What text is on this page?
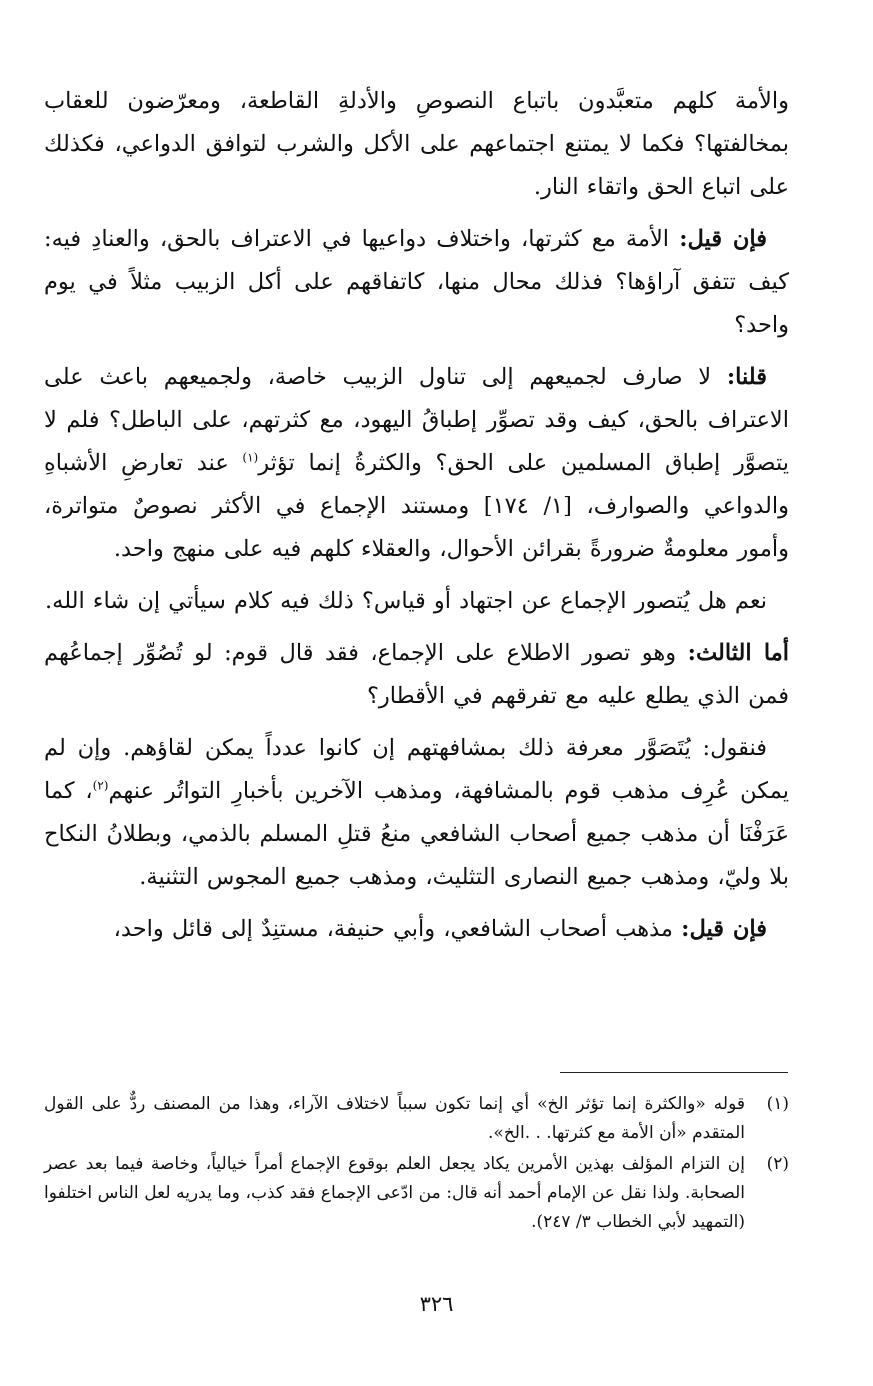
والأمة كلهم متعبَّدون باتباع النصوصِ والأدلةِ القاطعة، ومعرّضون للعقاب بمخالفتها؟ فكما لا يمتنع اجتماعهم على الأكل والشرب لتوافق الدواعي، فكذلك على اتباع الحق واتقاء النار.

فإن قيل: الأمة مع كثرتها، واختلاف دواعيها في الاعتراف بالحق، والعنادِ فيه: كيف تتفق آراؤها؟ فذلك محال منها، كاتفاقهم على أكل الزبيب مثلاً في يوم واحد؟

قلنا: لا صارف لجميعهم إلى تناول الزبيب خاصة، ولجميعهم باعث على الاعتراف بالحق، كيف وقد تصوِّر إطباقُ اليهود، مع كثرتهم، على الباطل؟ فلم لا يتصوَّر إطباق المسلمين على الحق؟ والكثرةُ إنما تؤثر$^{(١)}$ عند تعارضِ الأشباهِ والدواعي والصوارف، [١/ ١٧٤] ومستند الإجماع في الأكثر نصوصٌ متواترة، وأمور معلومةٌ ضرورةً بقرائن الأحوال، والعقلاء كلهم فيه على منهج واحد.

نعم هل يُتصور الإجماع عن اجتهاد أو قياس؟ ذلك فيه كلام سيأتي إن شاء الله.

أما الثالث: وهو تصور الاطلاع على الإجماع، فقد قال قوم: لو تُصُوِّر إجماعُهم فمن الذي يطلع عليه مع تفرقهم في الأقطار؟

فنقول: يُتَصَوَّر معرفة ذلك بمشافهتهم إن كانوا عدداً يمكن لقاؤهم. وإن لم يمكن عُرِف مذهب قوم بالمشافهة، ومذهب الآخرين بأخبارِ التواتُر عنهم$^{(٢)}$، كما عَرَفْنَا أن مذهب جميع أصحاب الشافعي منعُ قتلِ المسلم بالذمي، وبطلانُ النكاح بلا وليّ، ومذهب جميع النصارى التثليث، ومذهب جميع المجوس التثنية.

فإن قيل: مذهب أصحاب الشافعي، وأبي حنيفة، مستنِدٌ إلى قائل واحد،

(١)
قوله «والكثرة إنما تؤثر الخ» أي إنما تكون سبباً لاختلاف الآراء، وهذا من المصنف ردٌّ على القول المتقدم «أن الأمة مع كثرتها. . .الخ».
(٢)
إن التزام المؤلف بهذين الأمرين يكاد يجعل العلم بوقوع الإجماع أمراً خيالياً، وخاصة فيما بعد عصر الصحابة. ولذا نقل عن الإمام أحمد أنه قال: من ادّعى الإجماع فقد كذب، وما يدريه لعل الناس اختلفوا (التمهيد لأبي الخطاب ٣/ ٢٤٧).
٣٢٦
